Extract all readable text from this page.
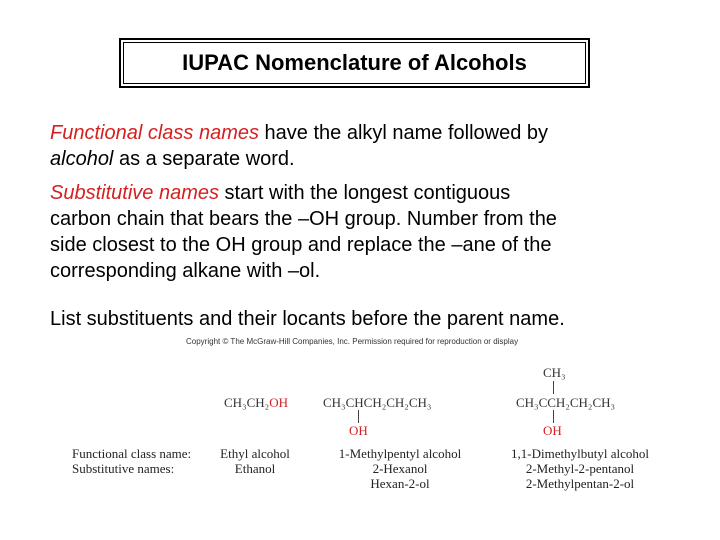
IUPAC Nomenclature of Alcohols
Functional class names have the alkyl name followed by
alcohol as a separate word.
Substitutive names start with the longest contiguous
carbon chain that bears the –OH group. Number from the
side closest to the OH group and replace the –ane of the
corresponding alkane with –ol.
List substituents and their locants before the parent name.
Copyright © The McGraw-Hill Companies, Inc. Permission required for reproduction or display
CH₃CH₂OH	CH₃CHCH₂CH₂CH₃
OH
CH₃
CH₃CCH₂CH₂CH₃
OH
Functional class name:
Substitutive names:
Ethyl alcohol
Ethanol
1-Methylpentyl alcohol
2-Hexanol
Hexan-2-ol
1,1-Dimethylbutyl alcohol
2-Methyl-2-pentanol
2-Methylpentan-2-ol
